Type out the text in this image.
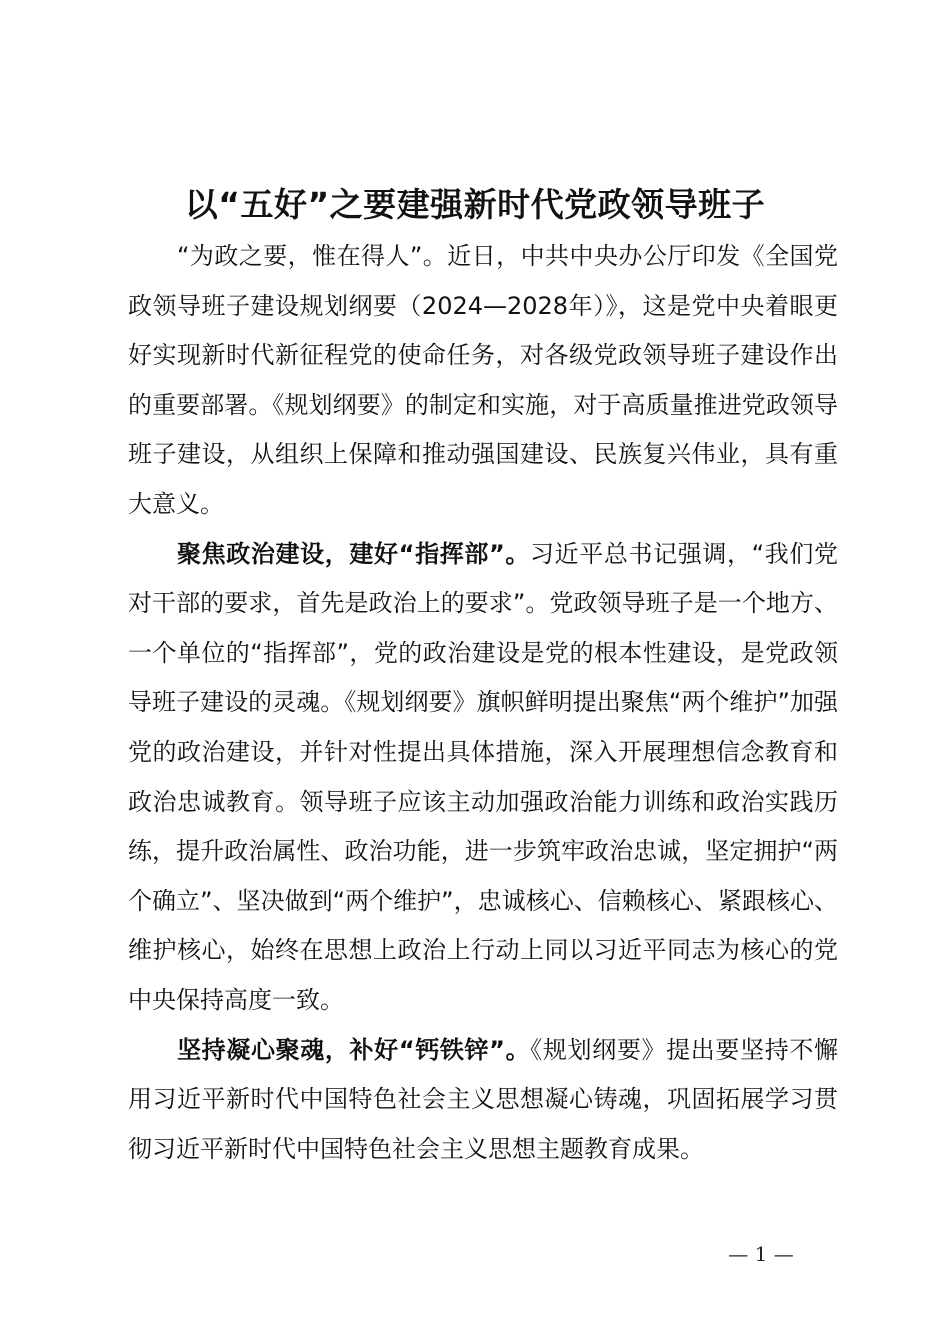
以“五好”之要建强新时代党政领导班子

“为政之要，惟在得人”。近日，中共中央办公厅印发《全国党政领导班子建设规划纲要（2024—2028年）》，这是党中央着眼更好实现新时代新征程党的使命任务，对各级党政领导班子建设作出的重要部署。《规划纲要》的制定和实施，对于高质量推进党政领导班子建设，从组织上保障和推动强国建设、民族复兴伟业，具有重大意义。

聚焦政治建设，建好“指挥部”。习近平总书记强调，“我们党对干部的要求，首先是政治上的要求”。党政领导班子是一个地方、一个单位的“指挥部”，党的政治建设是党的根本性建设，是党政领导班子建设的灵魂。《规划纲要》旗帜鲜明提出聚焦“两个维护”加强党的政治建设，并针对性提出具体措施，深入开展理想信念教育和政治忠诚教育。领导班子应该主动加强政治能力训练和政治实践历练，提升政治属性、政治功能，进一步筑牢政治忠诚，坚定拥护“两个确立”、坚决做到“两个维护”，忠诚核心、信赖核心、紧跟核心、维护核心，始终在思想上政治上行动上同以习近平同志为核心的党中央保持高度一致。

坚持凝心聚魂，补好“钙铁锌”。《规划纲要》提出要坚持不懈用习近平新时代中国特色社会主义思想凝心铸魂，巩固拓展学习贯彻习近平新时代中国特色社会主义思想主题教育成果。

— 1 —
